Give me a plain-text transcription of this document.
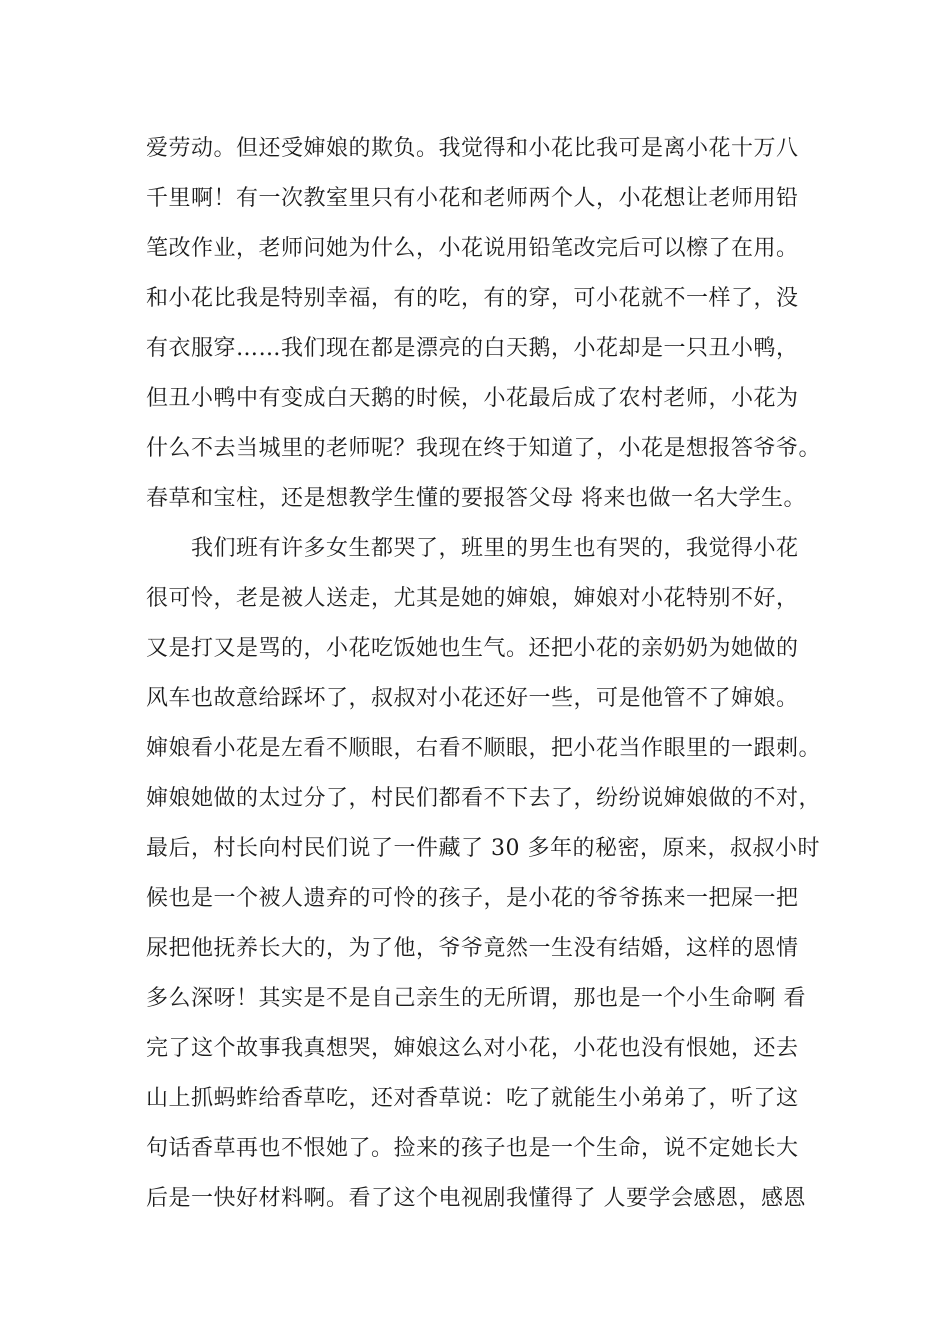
爱劳动。但还受婶娘的欺负。我觉得和小花比我可是离小花十万八
千里啊！有一次教室里只有小花和老师两个人，小花想让老师用铅
笔改作业，老师问她为什么，小花说用铅笔改完后可以檫了在用。
和小花比我是特别幸福，有的吃，有的穿，可小花就不一样了，没
有衣服穿……我们现在都是漂亮的白天鹅，小花却是一只丑小鸭，
但丑小鸭中有变成白天鹅的时候，小花最后成了农村老师，小花为
什么不去当城里的老师呢？我现在终于知道了，小花是想报答爷爷。
春草和宝柱，还是想教学生懂的要报答父母 将来也做一名大学生。
　　我们班有许多女生都哭了，班里的男生也有哭的，我觉得小花
很可怜，老是被人送走，尤其是她的婶娘，婶娘对小花特别不好，
又是打又是骂的，小花吃饭她也生气。还把小花的亲奶奶为她做的
风车也故意给踩坏了，叔叔对小花还好一些，可是他管不了婶娘。
婶娘看小花是左看不顺眼，右看不顺眼，把小花当作眼里的一跟刺。
婶娘她做的太过分了，村民们都看不下去了，纷纷说婶娘做的不对，
最后，村长向村民们说了一件藏了 30 多年的秘密，原来，叔叔小时
候也是一个被人遗弃的可怜的孩子，是小花的爷爷拣来一把屎一把
尿把他抚养长大的，为了他，爷爷竟然一生没有结婚，这样的恩情
多么深呀！其实是不是自己亲生的无所谓，那也是一个小生命啊 看
完了这个故事我真想哭，婶娘这么对小花，小花也没有恨她，还去
山上抓蚂蚱给香草吃，还对香草说：吃了就能生小弟弟了，听了这
句话香草再也不恨她了。捡来的孩子也是一个生命，说不定她长大
后是一快好材料啊。看了这个电视剧我懂得了 人要学会感恩，感恩
